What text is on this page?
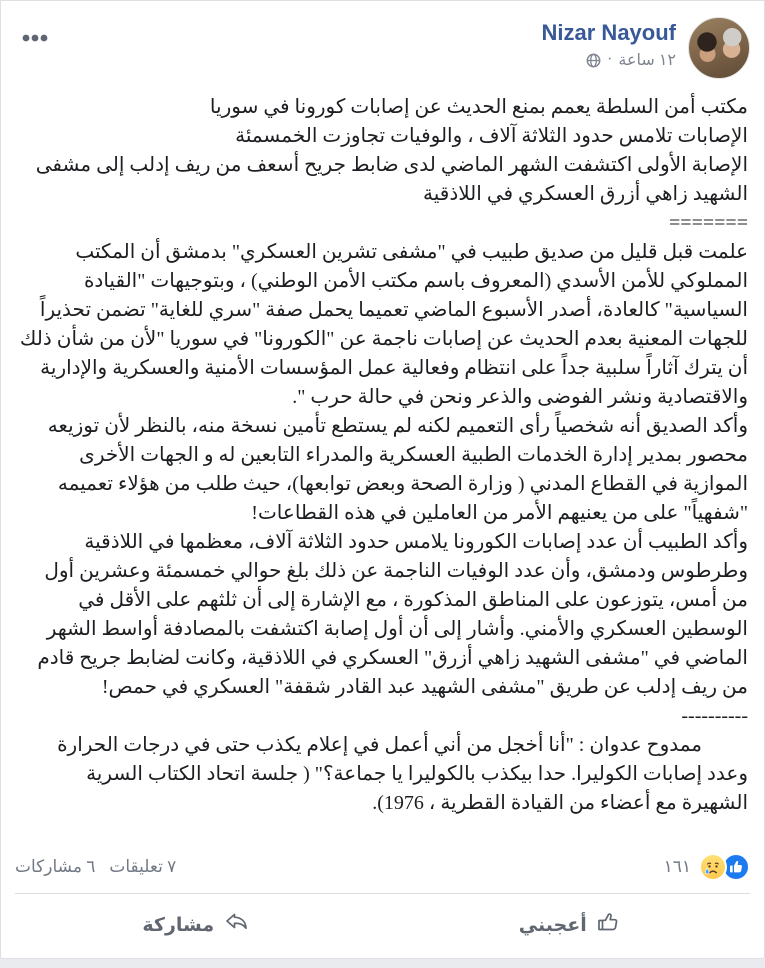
Nizar Nayouf
١٢ ساعة
·

مكتب أمن السلطة يعمم بمنع الحديث عن إصابات كورونا في سوريا

الإصابات تلامس حدود الثلاثة آلاف ، والوفيات تجاوزت الخمسمئة

الإصابة الأولى اكتشفت الشهر الماضي لدى ضابط جريح أسعف من ريف إدلب إلى مشفى الشهيد زاهي أزرق العسكري في اللاذقية

=======

علمت قبل قليل من صديق طبيب في "مشفى تشرين العسكري" بدمشق أن المكتب المملوكي للأمن الأسدي (المعروف باسم مكتب الأمن الوطني) ، وبتوجيهات "القيادة السياسية" كالعادة، أصدر الأسبوع الماضي تعميما يحمل صفة "سري للغاية" تضمن تحذيراً للجهات المعنية بعدم الحديث عن إصابات ناجمة عن "الكورونا" في سوريا "لأن من شأن ذلك أن يترك آثاراً سلبية جداً على انتظام وفعالية عمل المؤسسات الأمنية والعسكرية والإدارية والاقتصادية ونشر الفوضى والذعر ونحن في حالة حرب ".

وأكد الصديق أنه شخصياً رأى التعميم لكنه لم يستطع تأمين نسخة منه، بالنظر لأن توزيعه محصور بمدير إدارة الخدمات الطبية العسكرية والمدراء التابعين له و الجهات الأخرى الموازية في القطاع المدني ( وزارة الصحة وبعض توابعها)، حيث طلب من هؤلاء تعميمه "شفهياً" على من يعنيهم الأمر من العاملين في هذه القطاعات!

وأكد الطبيب أن عدد إصابات الكورونا يلامس حدود الثلاثة آلاف، معظمها في اللاذقية وطرطوس ودمشق، وأن عدد الوفيات الناجمة عن ذلك بلغ حوالي خمسمئة وعشرين أول من أمس، يتوزعون على المناطق المذكورة ، مع الإشارة إلى أن ثلثهم على الأقل في الوسطين العسكري والأمني. وأشار إلى أن أول إصابة اكتشفت بالمصادفة أواسط الشهر الماضي في "مشفى الشهيد زاهي أزرق" العسكري في اللاذقية، وكانت لضابط جريح قادم من ريف إدلب عن طريق "مشفى الشهيد عبد القادر شقفة" العسكري في حمص!

----------

ممدوح عدوان : "أنا أخجل من أني أعمل في إعلام يكذب حتى في درجات الحرارة وعدد إصابات الكوليرا. حدا بيكذب بالكوليرا يا جماعة؟" ( جلسة اتحاد الكتاب السرية الشهيرة مع أعضاء من القيادة القطرية ، 1976).

١٦١
٧ تعليقات
٦ مشاركات
أعجبني
مشاركة
